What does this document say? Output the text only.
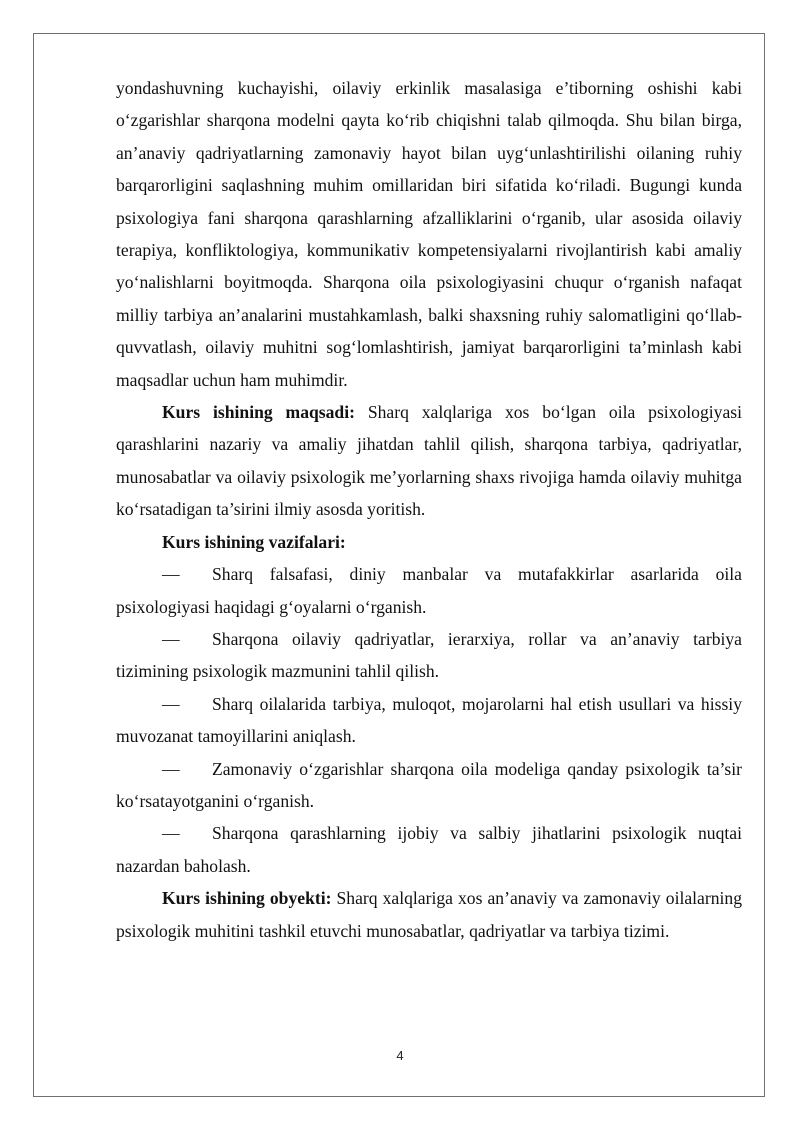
yondashuvning kuchayishi, oilaviy erkinlik masalasiga e’tiborning oshishi kabi o‘zgarishlar sharqona modelni qayta ko‘rib chiqishni talab qilmoqda. Shu bilan birga, an’anaviy qadriyatlarning zamonaviy hayot bilan uyg‘unlashtirilishi oilaning ruhiy barqarorligini saqlashning muhim omillaridan biri sifatida ko‘riladi. Bugungi kunda psixologiya fani sharqona qarashlarning afzalliklarini o‘rganib, ular asosida oilaviy terapiya, konfliktologiya, kommunikativ kompetensiyalarni rivojlantirish kabi amaliy yo‘nalishlarni boyitmoqda. Sharqona oila psixologiyasini chuqur o‘rganish nafaqat milliy tarbiya an’analarini mustahkamlash, balki shaxsning ruhiy salomatligini qo‘llab-quvvatlash, oilaviy muhitni sog‘lomlashtirish, jamiyat barqarorligini ta’minlash kabi maqsadlar uchun ham muhimdir.

Kurs ishining maqsadi: Sharq xalqlariga xos bo‘lgan oila psixologiyasi qarashlarini nazariy va amaliy jihatdan tahlil qilish, sharqona tarbiya, qadriyatlar, munosabatlar va oilaviy psixologik me’yorlarning shaxs rivojiga hamda oilaviy muhitga ko‘rsatadigan ta’sirini ilmiy asosda yoritish.

Kurs ishining vazifalari:

— Sharq falsafasi, diniy manbalar va mutafakkirlar asarlarida oila psixologiyasi haqidagi g‘oyalarni o‘rganish.

— Sharqona oilaviy qadriyatlar, ierarxiya, rollar va an’anaviy tarbiya tizimining psixologik mazmunini tahlil qilish.

— Sharq oilalarida tarbiya, muloqot, mojarolarni hal etish usullari va hissiy muvozanat tamoyillarini aniqlash.

— Zamonaviy o‘zgarishlar sharqona oila modeliga qanday psixologik ta’sir ko‘rsatayotganini o‘rganish.

— Sharqona qarashlarning ijobiy va salbiy jihatlarini psixologik nuqtai nazardan baholash.

Kurs ishining obyekti: Sharq xalqlariga xos an’anaviy va zamonaviy oilalarning psixologik muhitini tashkil etuvchi munosabatlar, qadriyatlar va tarbiya tizimi.

4
